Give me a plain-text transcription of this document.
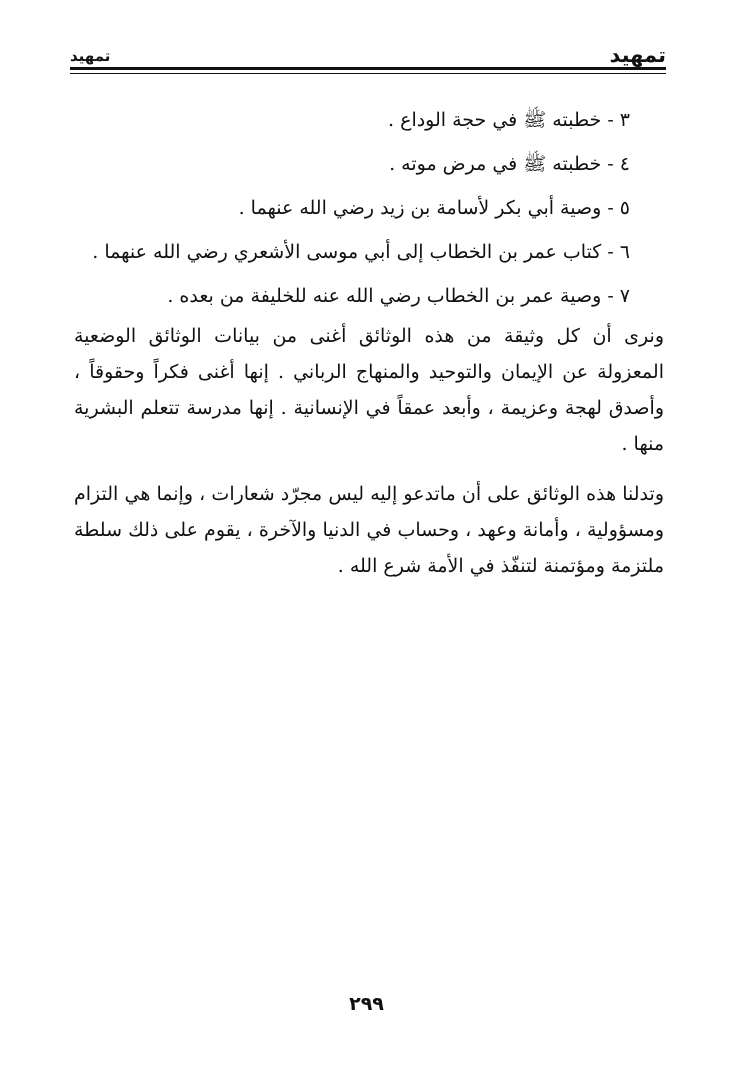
تمهيد
تمهيد
٣ - خطبته ﷺ في حجة الوداع .
٤ - خطبته ﷺ في مرض موته .
٥ - وصية أبي بكر لأسامة بن زيد رضي الله عنهما .
٦ - كتاب عمر بن الخطاب إلى أبي موسى الأشعري رضي الله عنهما .
٧ - وصية عمر بن الخطاب رضي الله عنه للخليفة من بعده .

ونرى أن كل وثيقة من هذه الوثائق أغنى من بيانات الوثائق الوضعية المعزولة عن الإيمان والتوحيد والمنهاج الرباني . إنها أغنى فكراً وحقوقاً ، وأصدق لهجة وعزيمة ، وأبعد عمقاً في الإنسانية . إنها مدرسة تتعلم البشرية منها .

وتدلنا هذه الوثائق على أن ماتدعو إليه ليس مجرّد شعارات ، وإنما هي التزام ومسؤولية ، وأمانة وعهد ، وحساب في الدنيا والآخرة ، يقوم على ذلك سلطة ملتزمة ومؤتمنة لتنفّذ في الأمة شرع الله .

٢٩٩
